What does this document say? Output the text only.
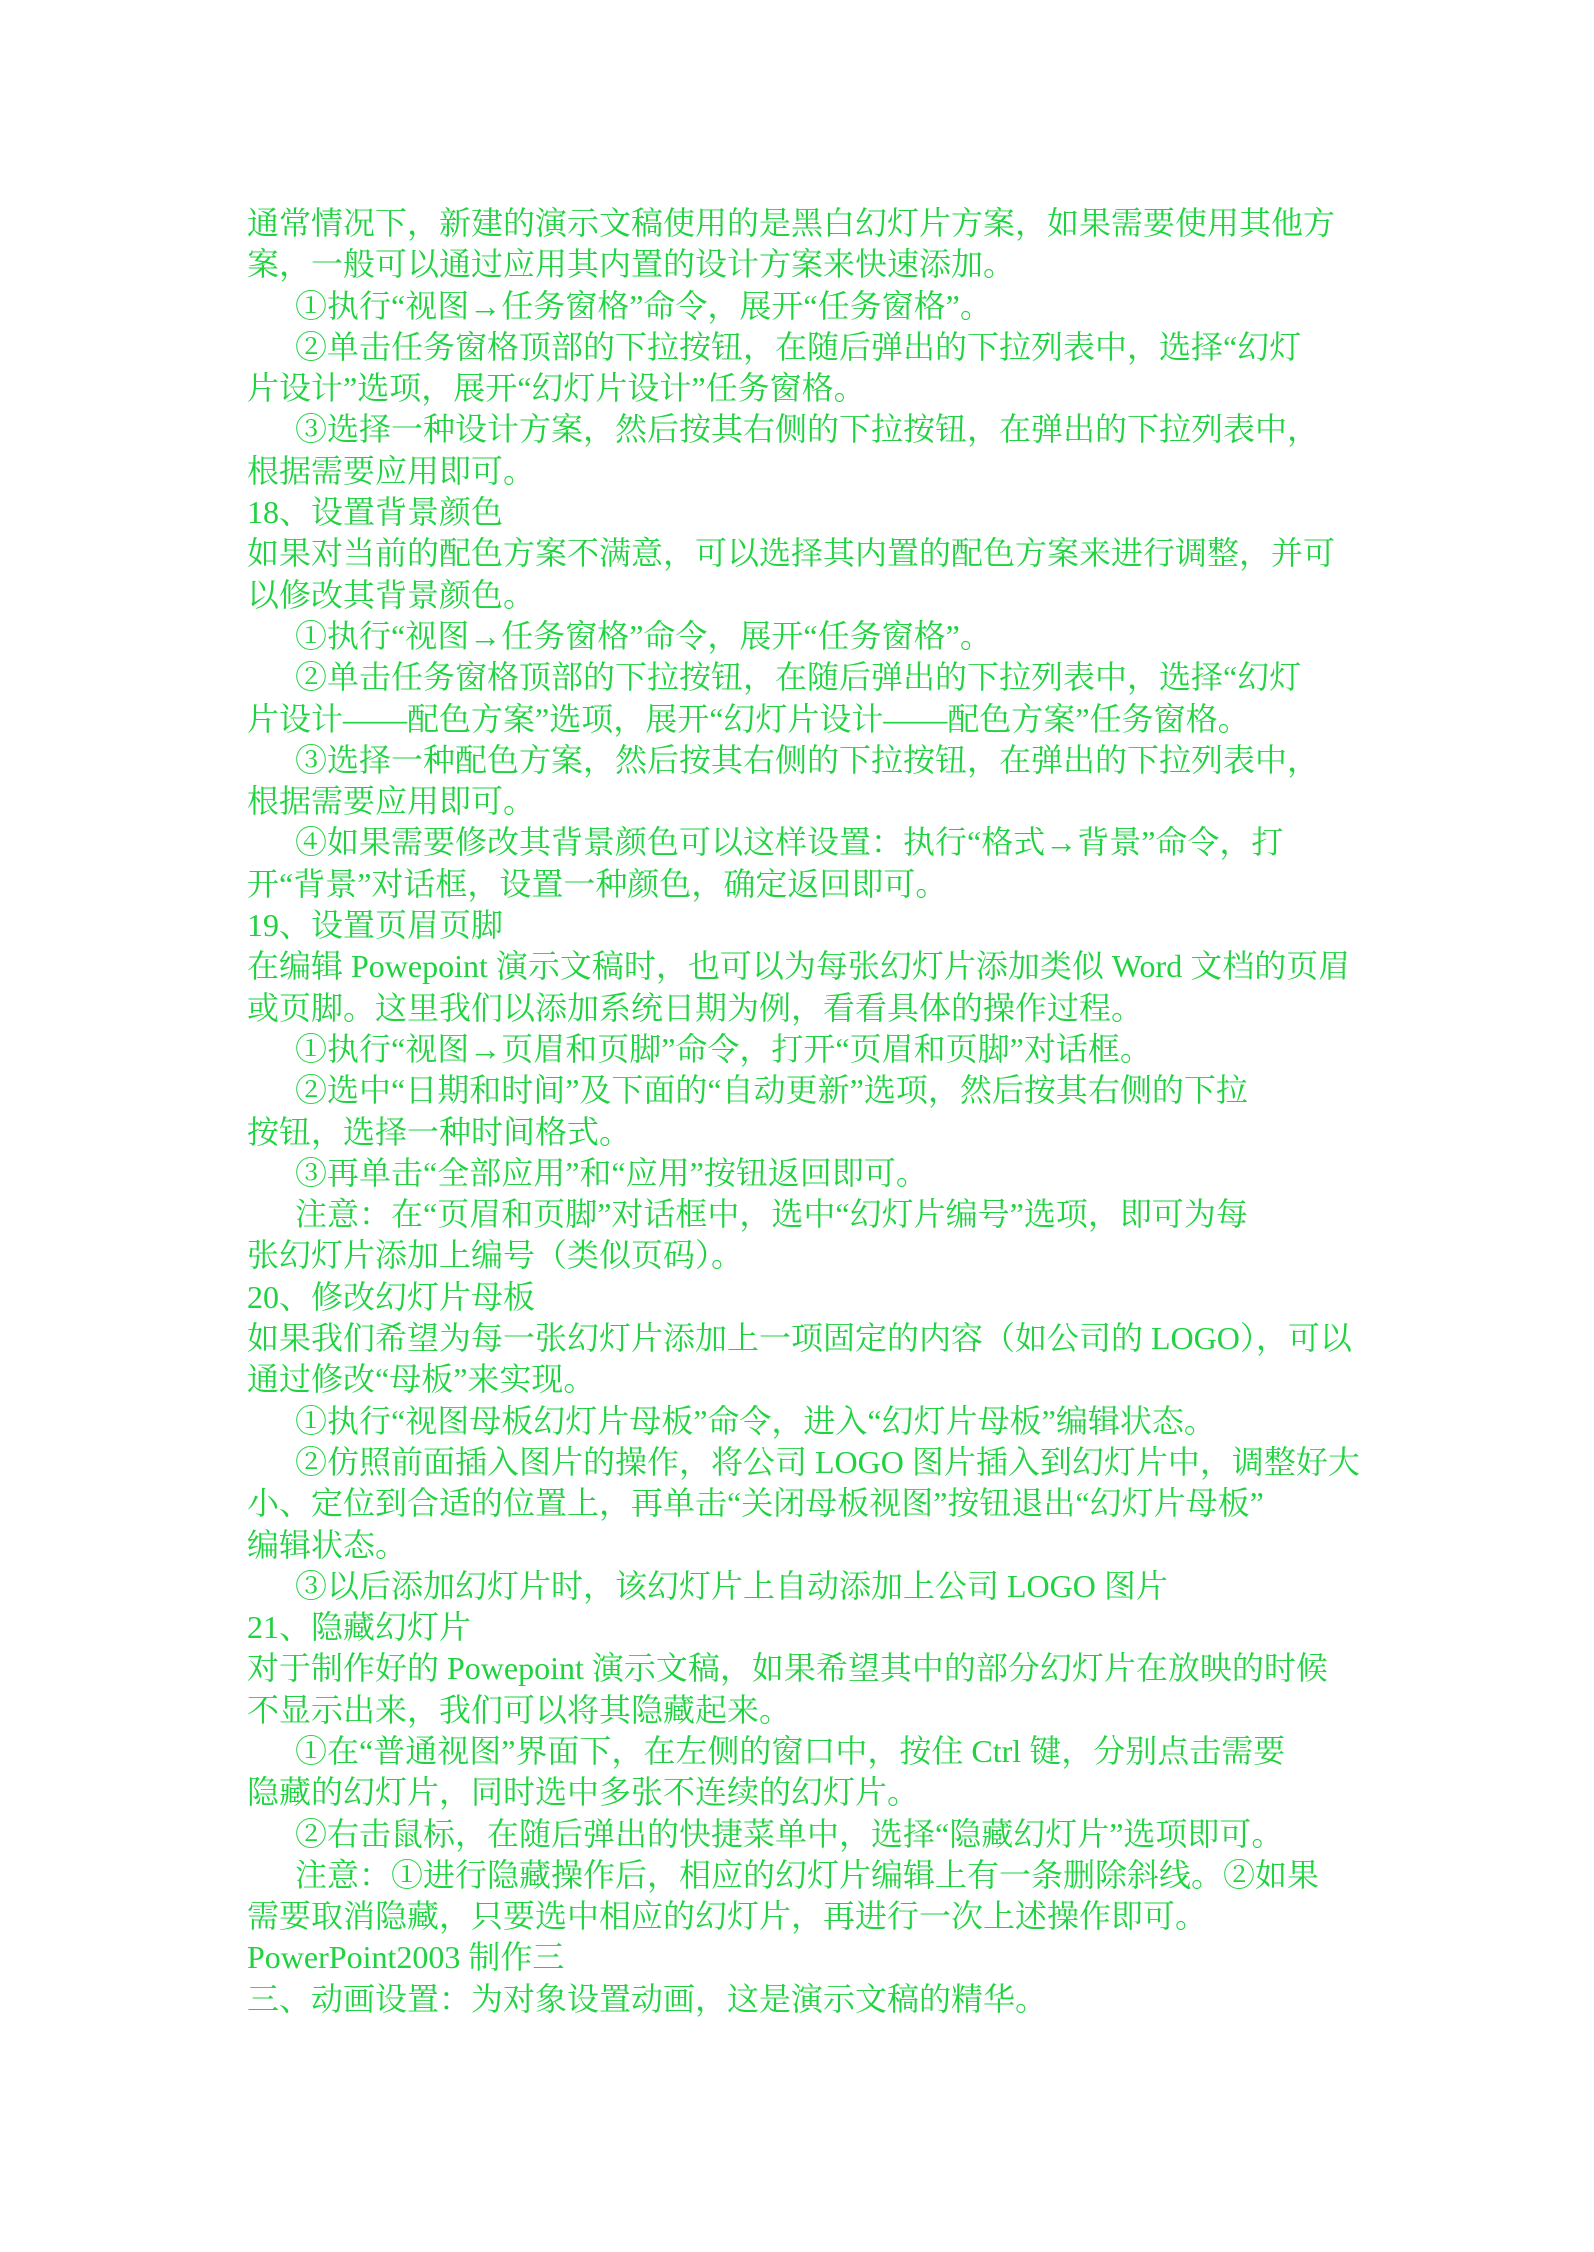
通常情况下，新建的演示文稿使用的是黑白幻灯片方案，如果需要使用其他方
案，一般可以通过应用其内置的设计方案来快速添加。
①执行“视图→任务窗格”命令，展开“任务窗格”。
②单击任务窗格顶部的下拉按钮，在随后弹出的下拉列表中，选择“幻灯
片设计”选项，展开“幻灯片设计”任务窗格。
③选择一种设计方案，然后按其右侧的下拉按钮，在弹出的下拉列表中，
根据需要应用即可。
18、设置背景颜色
如果对当前的配色方案不满意，可以选择其内置的配色方案来进行调整，并可
以修改其背景颜色。
①执行“视图→任务窗格”命令，展开“任务窗格”。
②单击任务窗格顶部的下拉按钮，在随后弹出的下拉列表中，选择“幻灯
片设计——配色方案”选项，展开“幻灯片设计——配色方案”任务窗格。
③选择一种配色方案，然后按其右侧的下拉按钮，在弹出的下拉列表中，
根据需要应用即可。
④如果需要修改其背景颜色可以这样设置：执行“格式→背景”命令，打
开“背景”对话框，设置一种颜色，确定返回即可。
19、设置页眉页脚
在编辑 Powepoint 演示文稿时，也可以为每张幻灯片添加类似 Word 文档的页眉
或页脚。这里我们以添加系统日期为例，看看具体的操作过程。
①执行“视图→页眉和页脚”命令，打开“页眉和页脚”对话框。
②选中“日期和时间”及下面的“自动更新”选项，然后按其右侧的下拉
按钮，选择一种时间格式。
③再单击“全部应用”和“应用”按钮返回即可。
注意：在“页眉和页脚”对话框中，选中“幻灯片编号”选项，即可为每
张幻灯片添加上编号（类似页码）。
20、修改幻灯片母板
如果我们希望为每一张幻灯片添加上一项固定的内容（如公司的 LOGO），可以
通过修改“母板”来实现。
①执行“视图母板幻灯片母板”命令，进入“幻灯片母板”编辑状态。
②仿照前面插入图片的操作，将公司 LOGO 图片插入到幻灯片中，调整好大
小、定位到合适的位置上，再单击“关闭母板视图”按钮退出“幻灯片母板”
编辑状态。
③以后添加幻灯片时，该幻灯片上自动添加上公司 LOGO 图片
21、隐藏幻灯片
对于制作好的 Powepoint 演示文稿，如果希望其中的部分幻灯片在放映的时候
不显示出来，我们可以将其隐藏起来。
①在“普通视图”界面下，在左侧的窗口中，按住 Ctrl 键，分别点击需要
隐藏的幻灯片，同时选中多张不连续的幻灯片。
②右击鼠标，在随后弹出的快捷菜单中，选择“隐藏幻灯片”选项即可。
注意：①进行隐藏操作后，相应的幻灯片编辑上有一条删除斜线。②如果
需要取消隐藏，只要选中相应的幻灯片，再进行一次上述操作即可。
PowerPoint2003 制作三
三、动画设置：为对象设置动画，这是演示文稿的精华。
